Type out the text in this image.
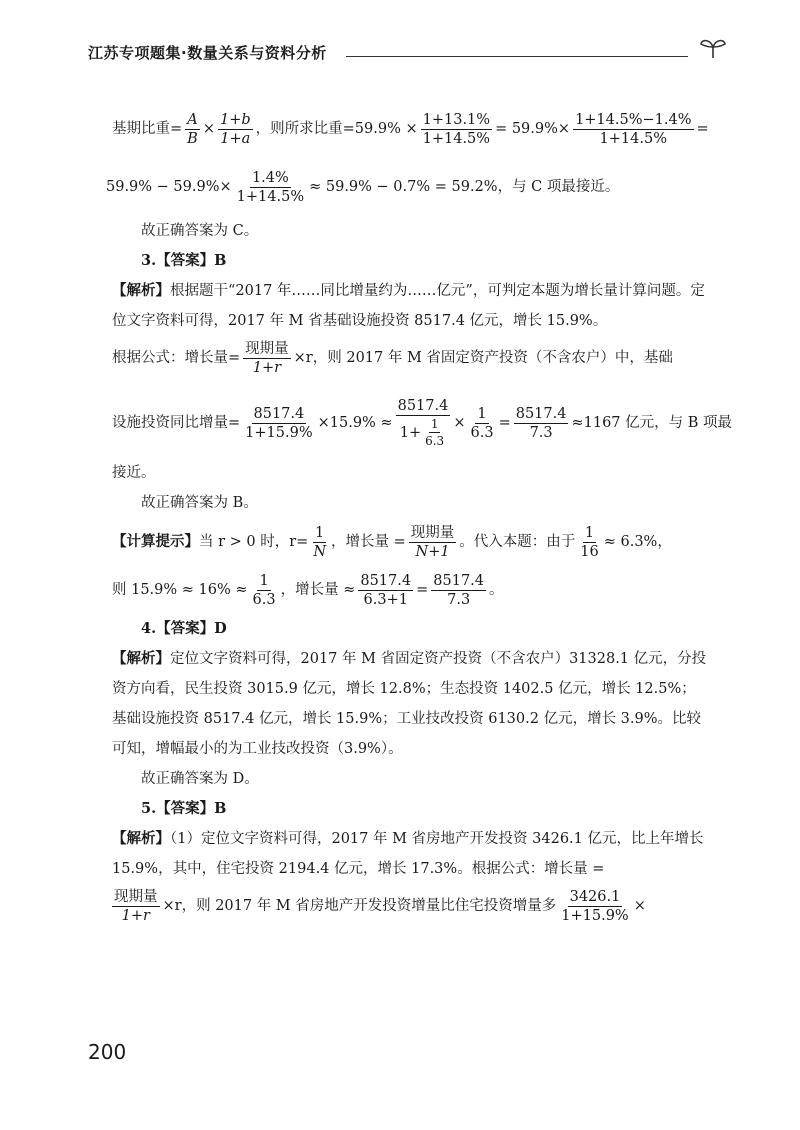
江苏专项题集·数量关系与资料分析
基期比重= $\frac{A}{B} \times \frac{1+b}{1+a}$ ，则所求比重$=59.9\% \times \frac{1+13.1\%}{1+14.5\%} = 59.9\%\times \frac{1+14.5\%-1.4\%}{1+14.5\%}$ =
$59.9\% - 59.9\%\times \frac{1.4\%}{1+14.5\%} \approx 59.9\% - 0.7\% = 59.2\%$，与 C 项最接近。

故正确答案为 C。

3.【答案】B

【解析】根据题干“2017 年……同比增量约为……亿元”，可判定本题为增长量计算问题。定位文字资料可得，2017 年 M 省基础设施投资 8517.4 亿元，增长 15.9%。

根据公式：增长量= $\frac{\text{现期量}}{1+r} \times r$，则 2017 年 M 省固定资产投资（不含农户）中，基础
设施投资同比增量= $\frac{8517.4}{1+15.9\%} \times 15.9\% \approx \frac{8517.4}{1+ \frac{1}{6.3}} \times \frac{1}{6.3} = \frac{8517.4}{7.3} \approx 1167$ 亿元，与 B 项最

接近。

故正确答案为 B。

【计算提示】 当 r > 0 时，$r= \frac{1}{N}$ ，增长量 = $\frac{\text{现期量}}{N+1}$ 。代入本题：由于 $\frac{1}{16} \approx 6.3\%$，
则 $15.9\% \approx 16\% \approx \frac{1}{6.3}$ ，增长量 ≈ $\frac{8517.4}{6.3+1} = \frac{8517.4}{7.3}$ 。

4.【答案】D

【解析】定位文字资料可得，2017 年 M 省固定资产投资（不含农户）31328.1 亿元，分投资方向看，民生投资 3015.9 亿元，增长 12.8%；生态投资 1402.5 亿元，增长 12.5%；基础设施投资 8517.4 亿元，增长 15.9%；工业技改投资 6130.2 亿元，增长 3.9%。比较可知，增幅最小的为工业技改投资（3.9%）。

故正确答案为 D。

5.【答案】B

【解析】（1）定位文字资料可得，2017 年 M 省房地产开发投资 3426.1 亿元，比上年增长 15.9%，其中，住宅投资 2194.4 亿元，增长 17.3%。根据公式：增长量 =

$\frac{\text{现期量}}{1+r} \times r$，则 2017 年 M 省房地产开发投资增量比住宅投资增量多 $\frac{3426.1}{1+15.9\%}$ ×
200
